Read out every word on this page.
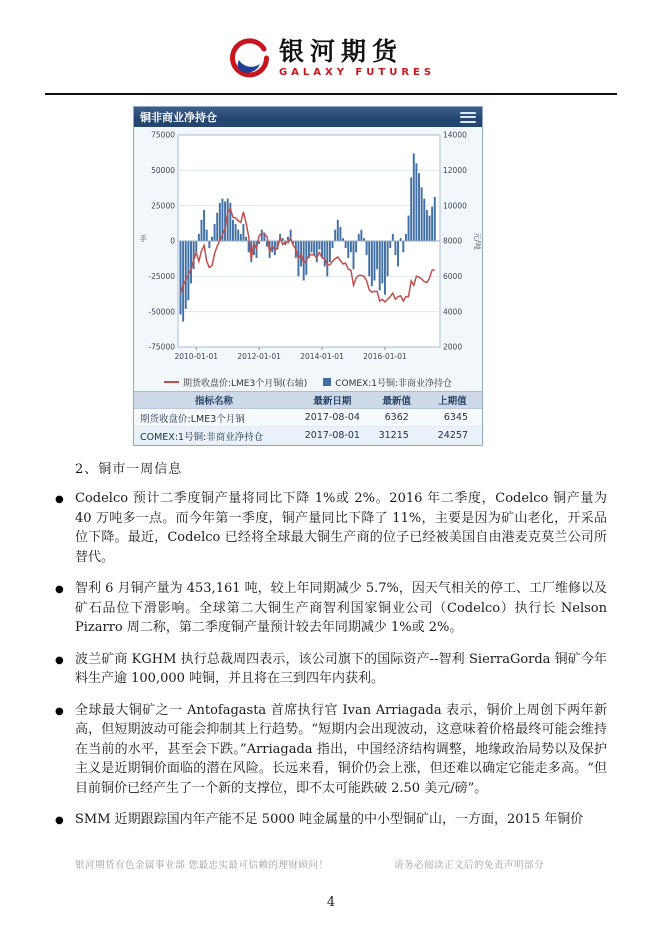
银河期货
GALAXY FUTURES
铜非商业净持仓
75000
50000
25000
0
-25000
-50000
-75000
14000
12000
10000
8000
6000
4000
2000
2010-01-01	2012-01-01	2014-01-01	2016-01-01
手	元/吨
期货收盘价:LME3个月铜(右轴)	COMEX:1号铜:非商业净持仓
指标名称	最新日期	最新值	上期值
期货收盘价:LME3个月铜	2017-08-04	6362	6345
COMEX:1号铜:非商业净持仓	2017-08-01	31215	24257
2、铜市一周信息
● Codelco 预计二季度铜产量将同比下降 1%或 2%。2016 年二季度，Codelco 铜产量为 40 万吨多一点。而今年第一季度，铜产量同比下降了 11%，主要是因为矿山老化，开采品位下降。最近，Codelco 已经将全球最大铜生产商的位子已经被美国自由港麦克莫兰公司所替代。
● 智利 6 月铜产量为 453,161 吨，较上年同期减少 5.7%，因天气相关的停工、工厂维修以及矿石品位下滑影响。全球第二大铜生产商智利国家铜业公司（Codelco）执行长 Nelson Pizarro 周二称，第二季度铜产量预计较去年同期减少 1%或 2%。
● 波兰矿商 KGHM 执行总裁周四表示，该公司旗下的国际资产--智利 SierraGorda 铜矿今年料生产逾 100,000 吨铜，并且将在三到四年内获利。
● 全球最大铜矿之一 Antofagasta 首席执行官 Ivan Arriagada 表示，铜价上周创下两年新高，但短期波动可能会抑制其上行趋势。“短期内会出现波动，这意味着价格最终可能会维持在当前的水平，甚至会下跌。”Arriagada 指出，中国经济结构调整，地缘政治局势以及保护主义是近期铜价面临的潜在风险。长远来看，铜价仍会上涨，但还难以确定它能走多高。“但目前铜价已经产生了一个新的支撑位，即不太可能跌破 2.50 美元/磅”。
● SMM 近期跟踪国内年产能不足 5000 吨金属量的中小型铜矿山，一方面，2015 年铜价
银河期货有色金属事业部 您最忠实最可信赖的理财顾问！	请务必阅读正文后的免责声明部分
4
